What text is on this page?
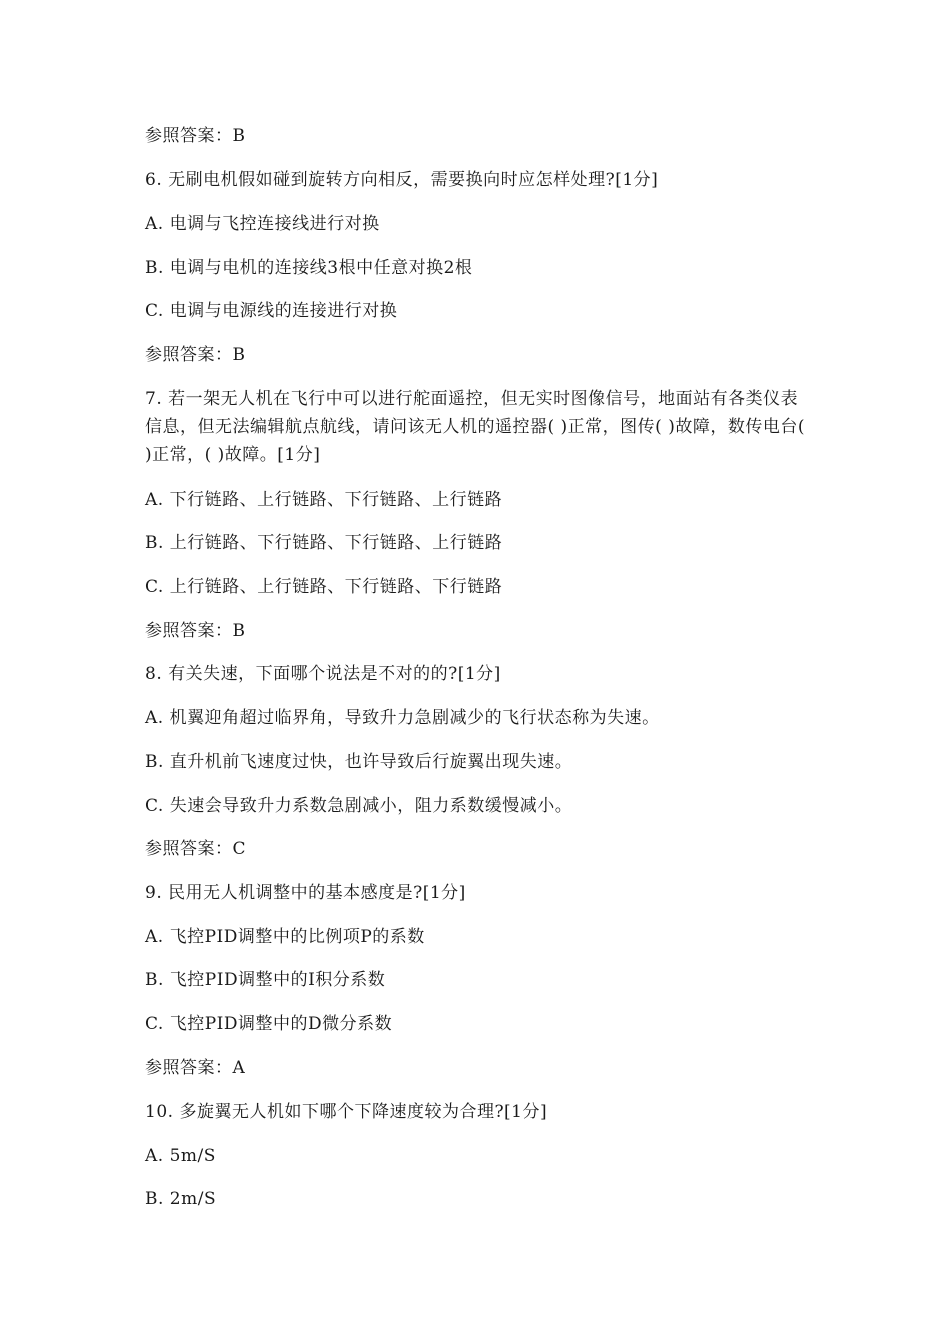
参照答案：B
6. 无刷电机假如碰到旋转方向相反，需要换向时应怎样处理?[1分]
A. 电调与飞控连接线进行对换
B. 电调与电机的连接线3根中任意对换2根
C. 电调与电源线的连接进行对换
参照答案：B
7. 若一架无人机在飞行中可以进行舵面遥控，但无实时图像信号，地面站有各类仪表信息，但无法编辑航点航线，请问该无人机的遥控器( )正常，图传( )故障，数传电台( )正常，( )故障。[1分]
A. 下行链路、上行链路、下行链路、上行链路
B. 上行链路、下行链路、下行链路、上行链路
C. 上行链路、上行链路、下行链路、下行链路
参照答案：B
8. 有关失速，下面哪个说法是不对的的?[1分]
A. 机翼迎角超过临界角，导致升力急剧减少的飞行状态称为失速。
B. 直升机前飞速度过快，也许导致后行旋翼出现失速。
C. 失速会导致升力系数急剧减小，阻力系数缓慢减小。
参照答案：C
9. 民用无人机调整中的基本感度是?[1分]
A. 飞控PID调整中的比例项P的系数
B. 飞控PID调整中的I积分系数
C. 飞控PID调整中的D微分系数
参照答案：A
10. 多旋翼无人机如下哪个下降速度较为合理?[1分]
A. 5m/S
B. 2m/S
